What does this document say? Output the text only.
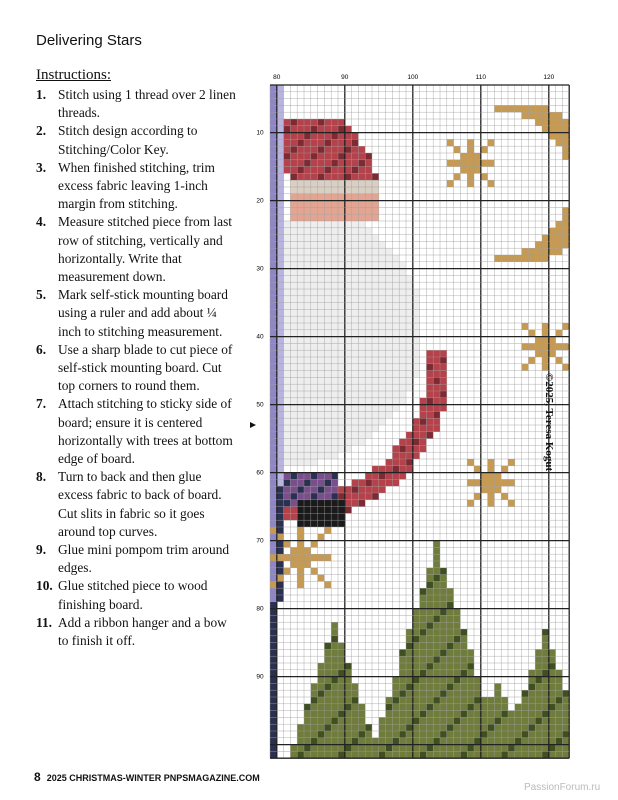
Delivering Stars
Instructions:
1. Stitch using 1 thread over 2 linen threads.
2. Stitch design according to Stitching/Color Key.
3. When finished stitching, trim excess fabric leaving 1-inch margin from stitching.
4. Measure stitched piece from last row of stitching, vertically and horizontally. Write that measurement down.
5. Mark self-stick mounting board using a ruler and add about ¼ inch to stitching measurement.
6. Use a sharp blade to cut piece of self-stick mounting board. Cut top corners to round them.
7. Attach stitching to sticky side of board; ensure it is centered horizontally with trees at bottom edge of board.
8. Turn to back and then glue excess fabric to back of board. Cut slits in fabric so it goes around top curves.
9. Glue mini pompom trim around edges.
10. Glue stitched piece to wood finishing board.
11. Add a ribbon hanger and a bow to finish it off.
80	90	100	110	120
10
20
30
40
50
60
70
80
90
©2025, Teresa Kogut
8 2025 CHRISTMAS-WINTER PNPSMAGAZINE.COM
PassionForum.ru
